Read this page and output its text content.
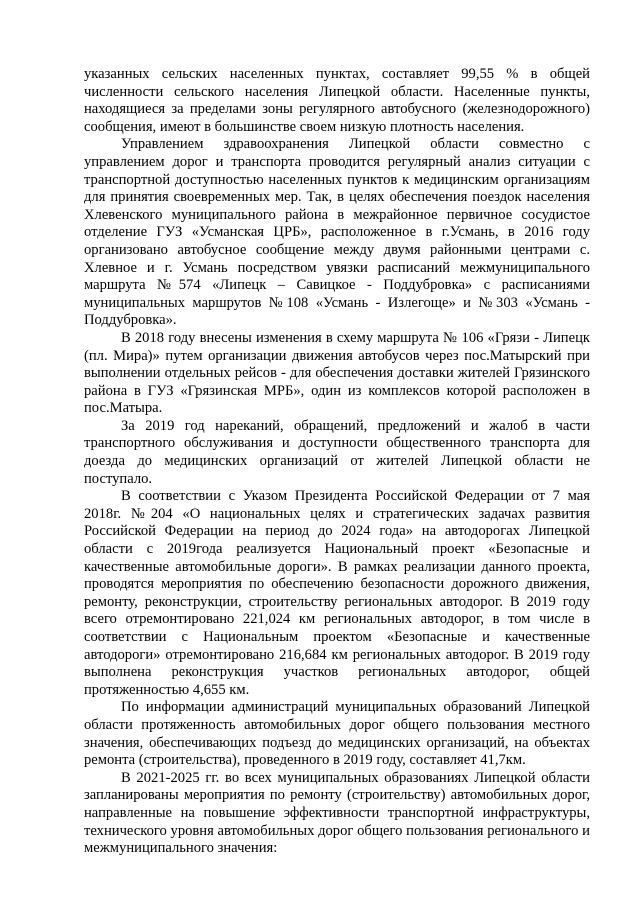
указанных сельских населенных пунктах, составляет 99,55 % в общей численности сельского населения Липецкой области. Населенные пункты, находящиеся за пределами зоны регулярного автобусного (железнодорожного) сообщения, имеют в большинстве своем низкую плотность населения.

Управлением здравоохранения Липецкой области совместно с управлением дорог и транспорта проводится регулярный анализ ситуации с транспортной доступностью населенных пунктов к медицинским организациям для принятия своевременных мер. Так, в целях обеспечения поездок населения Хлевенского муниципального района в межрайонное первичное сосудистое отделение ГУЗ «Усманская ЦРБ», расположенное в г.Усмань, в 2016 году организовано автобусное сообщение между двумя районными центрами с. Хлевное и г. Усмань посредством увязки расписаний межмуниципального маршрута №574 «Липецк – Савицкое - Поддубровка» с расписаниями муниципальных маршрутов №108 «Усмань - Излегоще» и №303 «Усмань - Поддубровка».

В 2018 году внесены изменения в схему маршрута № 106 «Грязи - Липецк (пл. Мира)» путем организации движения автобусов через пос.Матырский при выполнении отдельных рейсов - для обеспечения доставки жителей Грязинского района в ГУЗ «Грязинская МРБ», один из комплексов которой расположен в пос.Матыра.

За 2019 год нареканий, обращений, предложений и жалоб в части транспортного обслуживания и доступности общественного транспорта для доезда до медицинских организаций от жителей Липецкой области не поступало.

В соответствии с Указом Президента Российской Федерации от 7 мая 2018г. №204 «О национальных целях и стратегических задачах развития Российской Федерации на период до 2024 года» на автодорогах Липецкой области с 2019года реализуется Национальный проект «Безопасные и качественные автомобильные дороги». В рамках реализации данного проекта, проводятся мероприятия по обеспечению безопасности дорожного движения, ремонту, реконструкции, строительству региональных автодорог. В 2019 году всего отремонтировано 221,024 км региональных автодорог, в том числе в соответствии с Национальным проектом «Безопасные и качественные автодороги» отремонтировано 216,684 км региональных автодорог. В 2019 году выполнена реконструкция участков региональных автодорог, общей протяженностью 4,655 км.

По информации администраций муниципальных образований Липецкой области протяженность автомобильных дорог общего пользования местного значения, обеспечивающих подъезд до медицинских организаций, на объектах ремонта (строительства), проведенного в 2019 году, составляет 41,7км.

В 2021-2025 гг. во всех муниципальных образованиях Липецкой области запланированы мероприятия по ремонту (строительству) автомобильных дорог, направленные на повышение эффективности транспортной инфраструктуры, технического уровня автомобильных дорог общего пользования регионального и межмуниципального значения:
